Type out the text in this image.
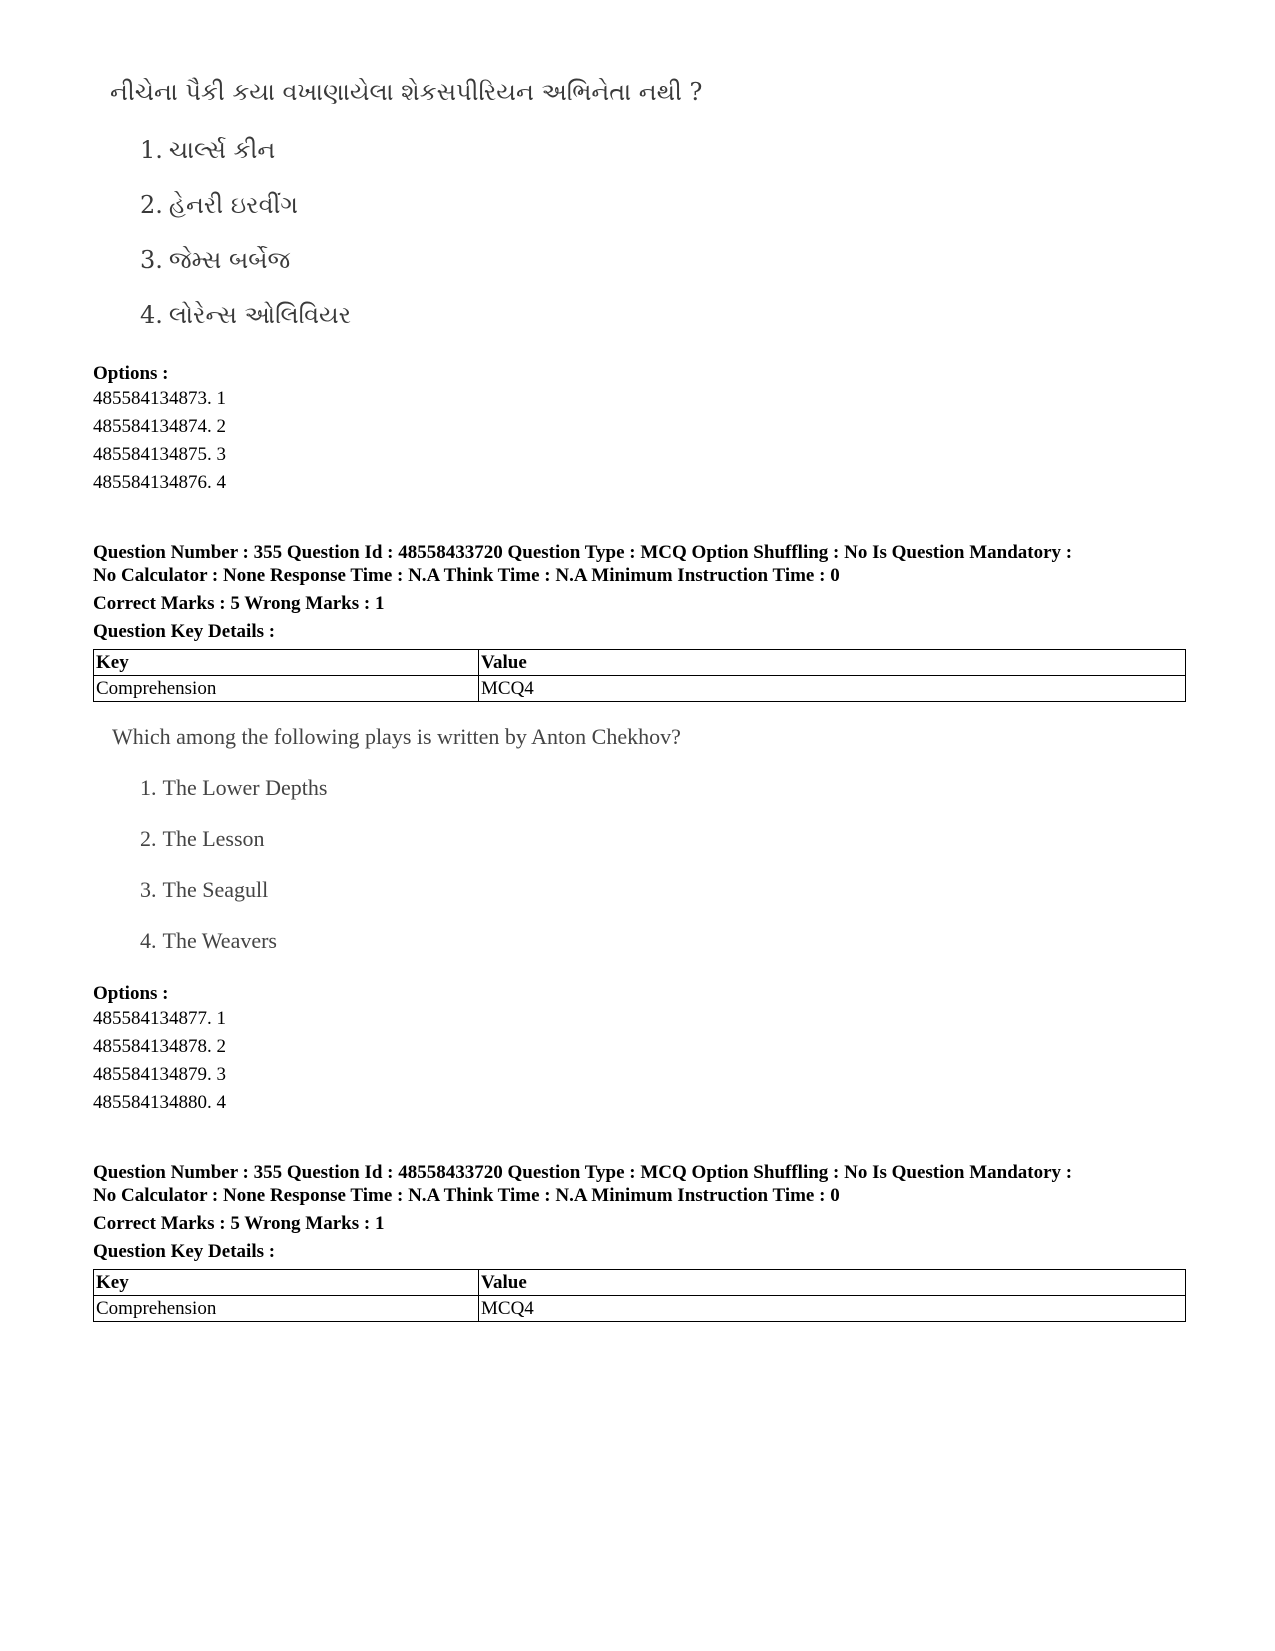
નીચેના પૈકી કયા વખાણાયેલા શેકસપીરિયન અભિનેતા નથી ?
1. ચાર્લ્સ કીન
2. હેનરી ઇરવીંગ
3. જેમ્સ બર્બેજ
4. લોરેન્સ ઓલિવિયર
Options :
485584134873. 1
485584134874. 2
485584134875. 3
485584134876. 4
Question Number : 355 Question Id : 48558433720 Question Type : MCQ Option Shuffling : No Is Question Mandatory :
No Calculator : None Response Time : N.A Think Time : N.A Minimum Instruction Time : 0
Correct Marks : 5 Wrong Marks : 1
Question Key Details :
Key	Value
Comprehension	MCQ4
Which among the following plays is written by Anton Chekhov?
1. The Lower Depths
2. The Lesson
3. The Seagull
4. The Weavers
Options :
485584134877. 1
485584134878. 2
485584134879. 3
485584134880. 4
Question Number : 355 Question Id : 48558433720 Question Type : MCQ Option Shuffling : No Is Question Mandatory :
No Calculator : None Response Time : N.A Think Time : N.A Minimum Instruction Time : 0
Correct Marks : 5 Wrong Marks : 1
Question Key Details :
Key	Value
Comprehension	MCQ4
